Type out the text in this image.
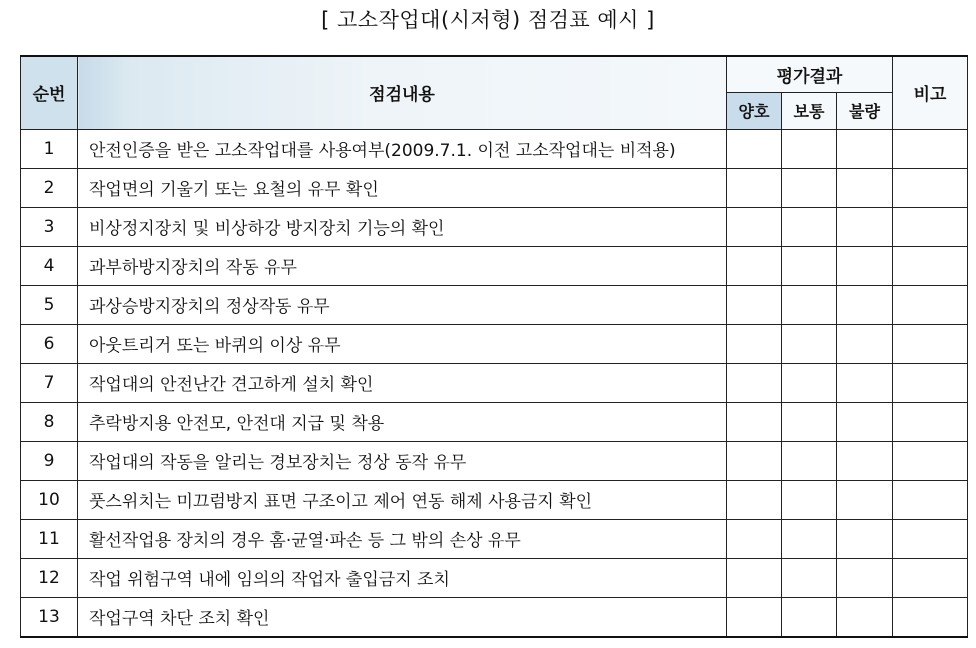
[ 고소작업대(시저형) 점검표 예시 ]
순번	점검내용	평가결과			비고
		양호	보통	불량	
1	안전인증을 받은 고소작업대를 사용여부(2009.7.1. 이전 고소작업대는 비적용)				
2	작업면의 기울기 또는 요철의 유무 확인				
3	비상정지장치 및 비상하강 방지장치 기능의 확인				
4	과부하방지장치의 작동 유무				
5	과상승방지장치의 정상작동 유무				
6	아웃트리거 또는 바퀴의 이상 유무				
7	작업대의 안전난간 견고하게 설치 확인				
8	추락방지용 안전모, 안전대 지급 및 착용				
9	작업대의 작동을 알리는 경보장치는 정상 동작 유무				
10	풋스위치는 미끄럼방지 표면 구조이고 제어 연동 해제 사용금지 확인				
11	활선작업용 장치의 경우 홈·균열·파손 등 그 밖의 손상 유무				
12	작업 위험구역 내에 임의의 작업자 출입금지 조치				
13	작업구역 차단 조치 확인				
